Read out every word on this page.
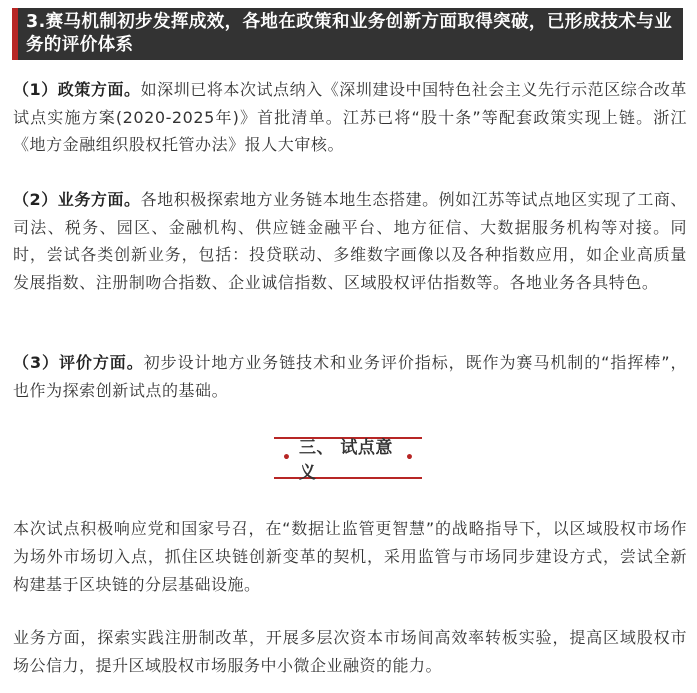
3.赛马机制初步发挥成效，各地在政策和业务创新方面取得突破，已形成技术与业务的评价体系

（1）政策方面。如深圳已将本次试点纳入《深圳建设中国特色社会主义先行示范区综合改革试点实施方案(2020-2025年)》首批清单。江苏已将“股十条”等配套政策实现上链。浙江《地方金融组织股权托管办法》报人大审核。

（2）业务方面。各地积极探索地方业务链本地生态搭建。例如江苏等试点地区实现了工商、司法、税务、园区、金融机构、供应链金融平台、地方征信、大数据服务机构等对接。同时，尝试各类创新业务，包括：投贷联动、多维数字画像以及各种指数应用，如企业高质量发展指数、注册制吻合指数、企业诚信指数、区域股权评估指数等。各地业务各具特色。

（3）评价方面。初步设计地方业务链技术和业务评价指标，既作为赛马机制的“指挥棒”，也作为探索创新试点的基础。

• 三、 试点意义
•

本次试点积极响应党和国家号召，在“数据让监管更智慧”的战略指导下，以区域股权市场作为场外市场切入点，抓住区块链创新变革的契机，采用监管与市场同步建设方式，尝试全新构建基于区块链的分层基础设施。

业务方面，探索实践注册制改革，开展多层次资本市场间高效率转板实验，提高区域股权市场公信力，提升区域股权市场服务中小微企业融资的能力。
